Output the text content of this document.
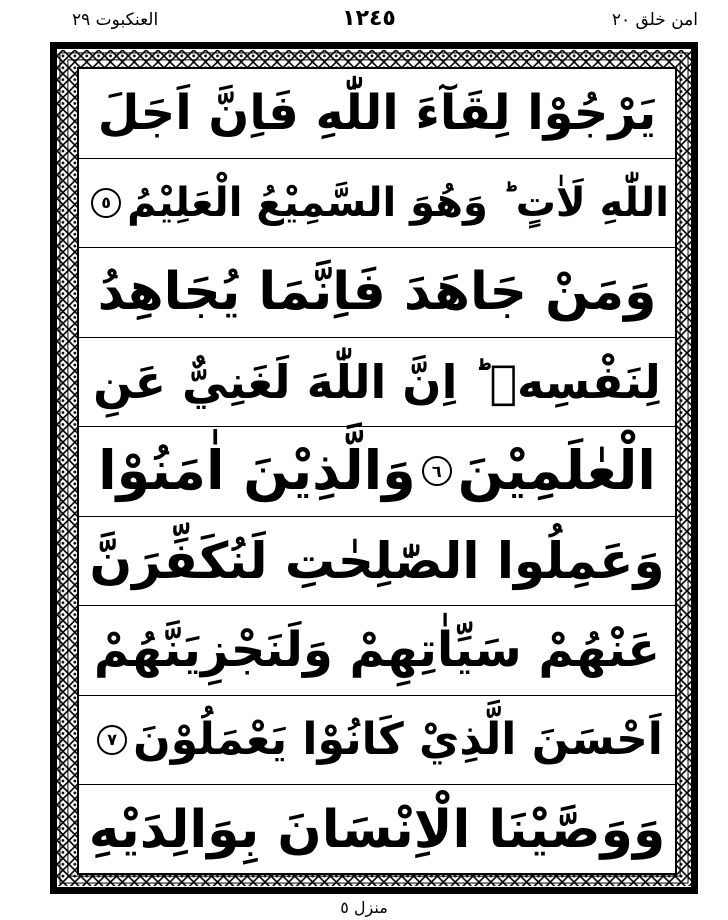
العنکبوت ٢٩	١٢٤٥	امن خلق ٢٠
يَرْجُوْا لِقَآءَ اللّٰهِ فَاِنَّ اَجَلَ
اللّٰهِ لَاٰتٍ ؕ وَهُوَ السَّمِيْعُ الْعَلِيْمُ
٥
وَمَنْ جَاهَدَ فَاِنَّمَا يُجَاهِدُ
لِنَفْسِهٖ ؕ اِنَّ اللّٰهَ لَغَنِيٌّ عَنِ
الْعٰلَمِيْنَ
٦
وَالَّذِيْنَ اٰمَنُوْا
وَعَمِلُوا الصّٰلِحٰتِ لَنُكَفِّرَنَّ
عَنْهُمْ سَيِّاٰتِهِمْ وَلَنَجْزِيَنَّهُمْ
اَحْسَنَ الَّذِيْ كَانُوْا يَعْمَلُوْنَ
٧
وَوَصَّيْنَا الْاِنْسَانَ بِوَالِدَيْهِ
منزل ٥
